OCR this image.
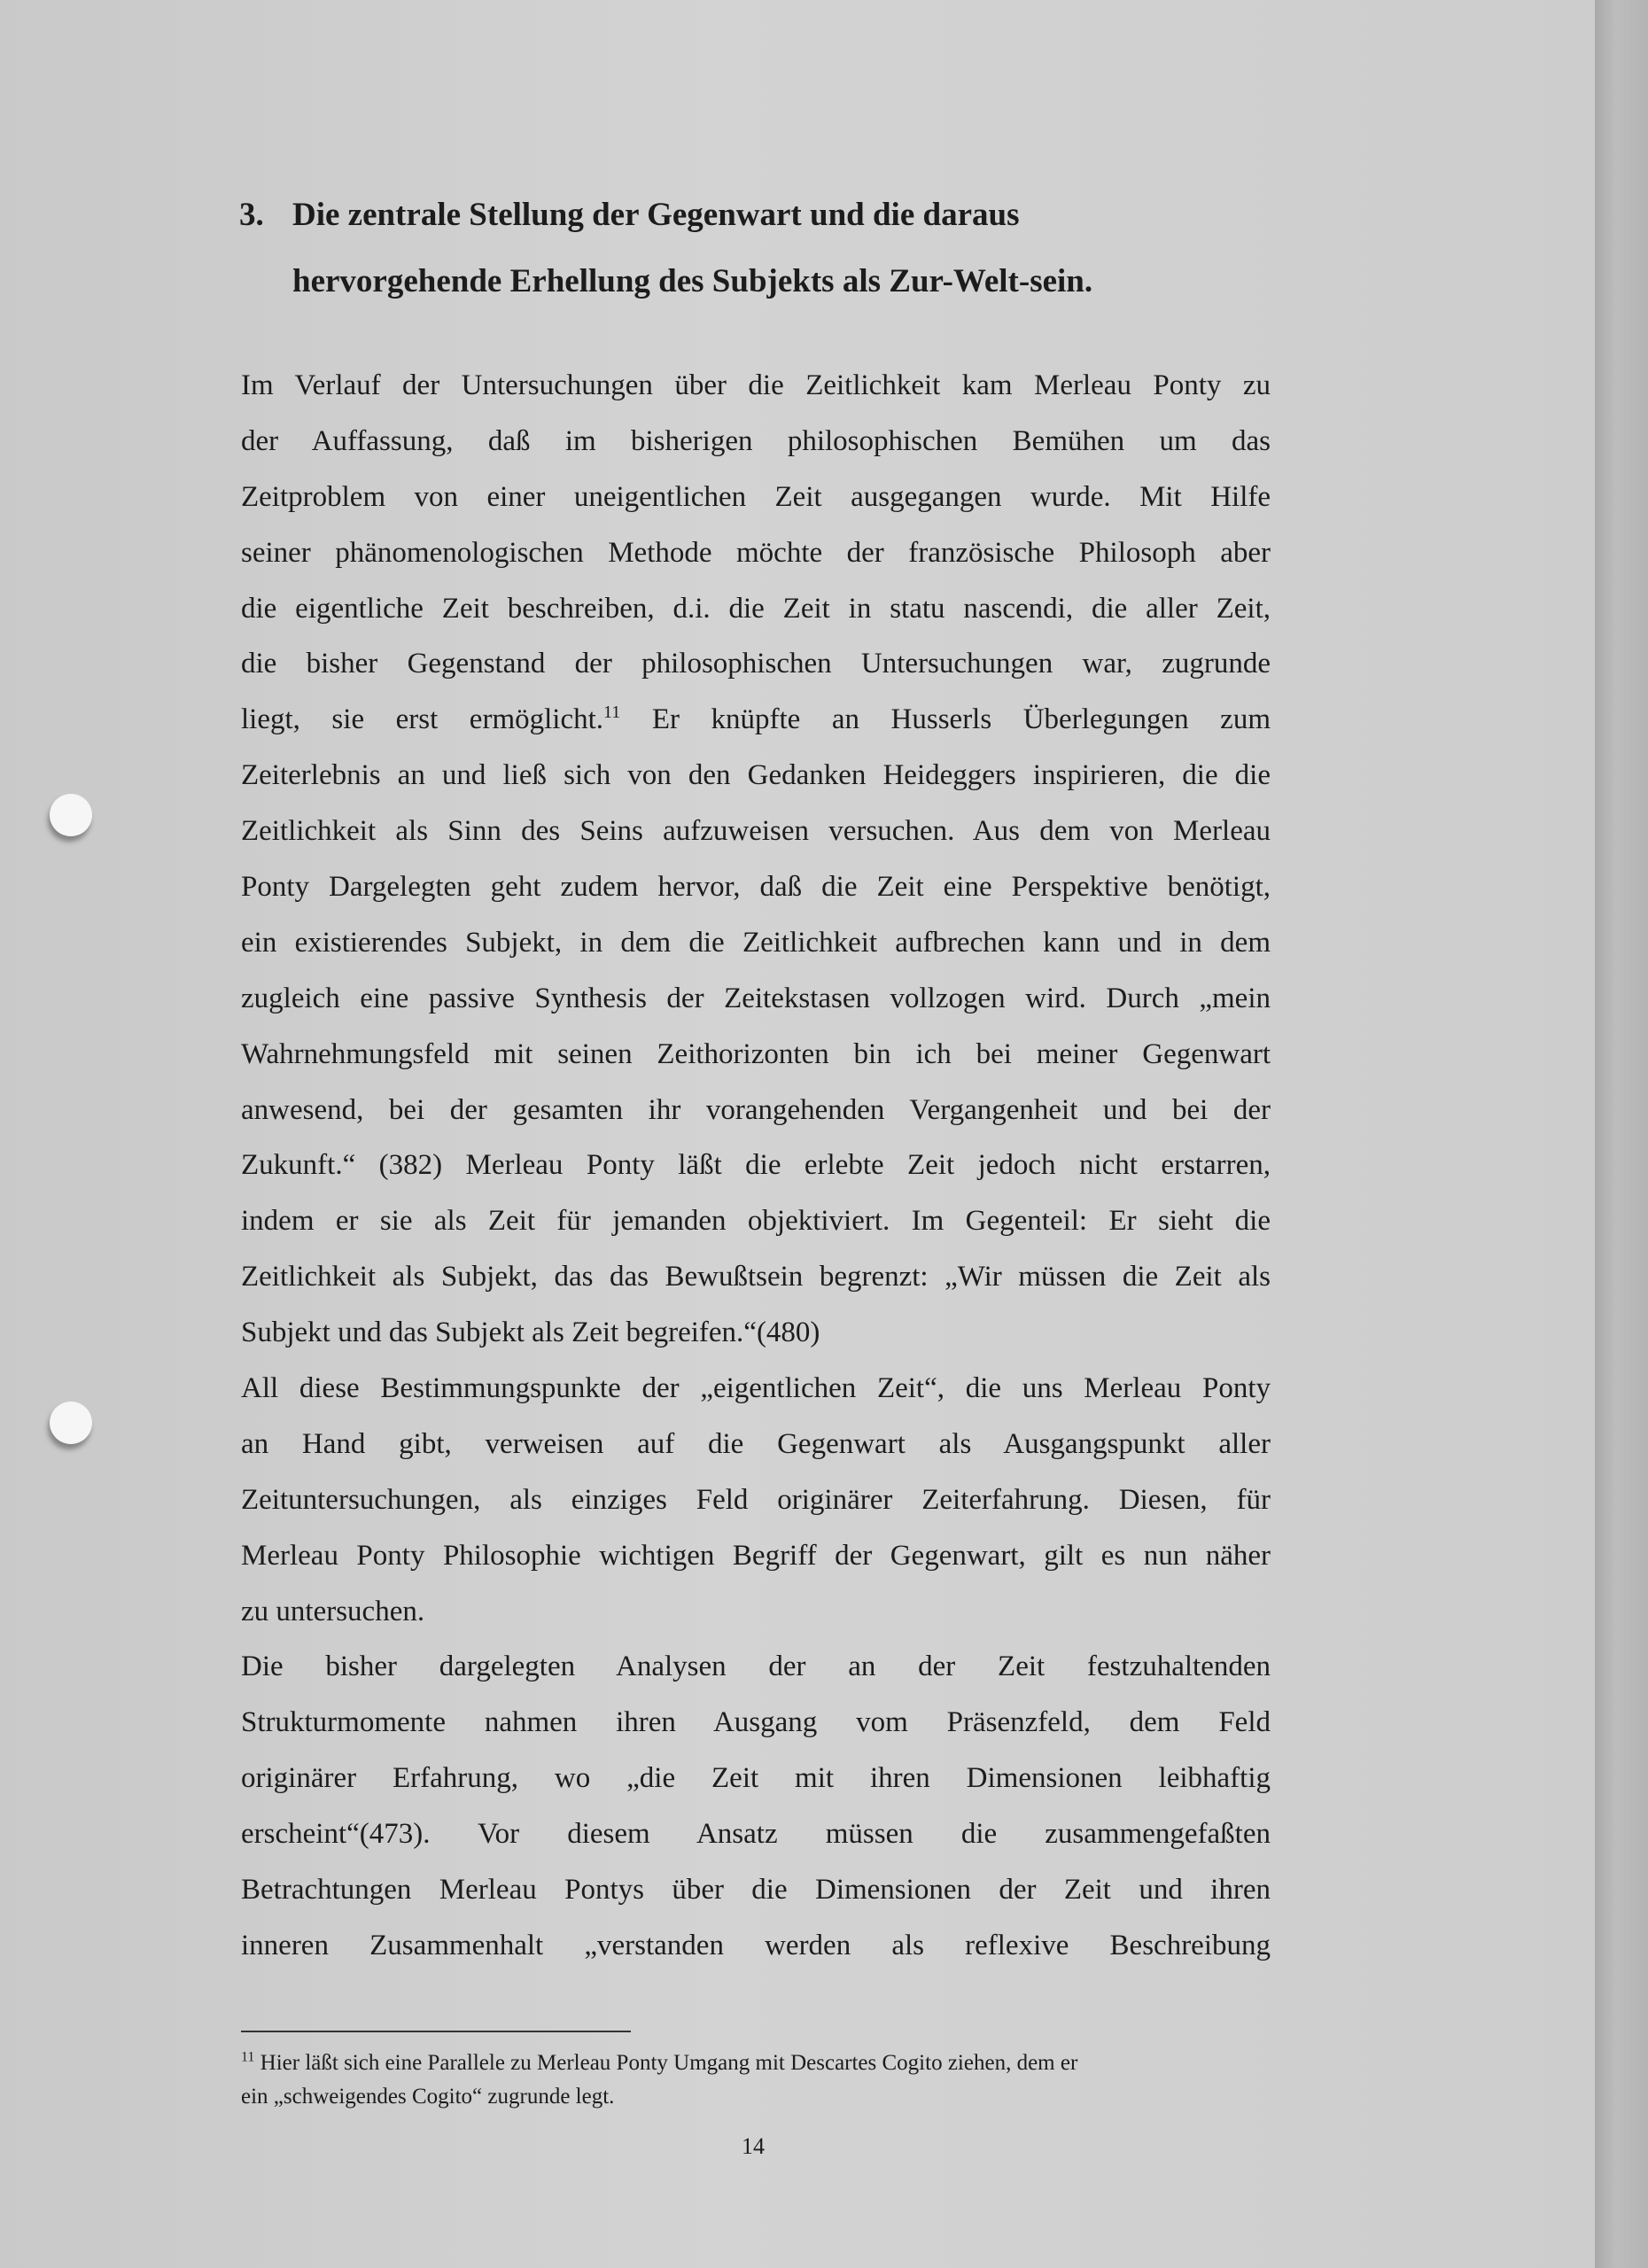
3. Die zentrale Stellung der Gegenwart und die daraus
hervorgehende Erhellung des Subjekts als Zur-Welt-sein.
Im Verlauf der Untersuchungen über die Zeitlichkeit kam Merleau Ponty zu
der Auffassung, daß im bisherigen philosophischen Bemühen um das
Zeitproblem von einer uneigentlichen Zeit ausgegangen wurde. Mit Hilfe
seiner phänomenologischen Methode möchte der französische Philosoph aber
die eigentliche Zeit beschreiben, d.i. die Zeit in statu nascendi, die aller Zeit,
die bisher Gegenstand der philosophischen Untersuchungen war, zugrunde
liegt, sie erst ermöglicht.$^{11}$ Er knüpfte an Husserls Überlegungen zum
Zeiterlebnis an und ließ sich von den Gedanken Heideggers inspirieren, die die
Zeitlichkeit als Sinn des Seins aufzuweisen versuchen. Aus dem von Merleau
Ponty Dargelegten geht zudem hervor, daß die Zeit eine Perspektive benötigt,
ein existierendes Subjekt, in dem die Zeitlichkeit aufbrechen kann und in dem
zugleich eine passive Synthesis der Zeitekstasen vollzogen wird. Durch „mein
Wahrnehmungsfeld mit seinen Zeithorizonten bin ich bei meiner Gegenwart
anwesend, bei der gesamten ihr vorangehenden Vergangenheit und bei der
Zukunft.“ (382) Merleau Ponty läßt die erlebte Zeit jedoch nicht erstarren,
indem er sie als Zeit für jemanden objektiviert. Im Gegenteil: Er sieht die
Zeitlichkeit als Subjekt, das das Bewußtsein begrenzt: „Wir müssen die Zeit als
Subjekt und das Subjekt als Zeit begreifen.“(480)
All diese Bestimmungspunkte der „eigentlichen Zeit“, die uns Merleau Ponty
an Hand gibt, verweisen auf die Gegenwart als Ausgangspunkt aller
Zeituntersuchungen, als einziges Feld originärer Zeiterfahrung. Diesen, für
Merleau Ponty Philosophie wichtigen Begriff der Gegenwart, gilt es nun näher
zu untersuchen.
Die bisher dargelegten Analysen der an der Zeit festzuhaltenden
Strukturmomente nahmen ihren Ausgang vom Präsenzfeld, dem Feld
originärer Erfahrung, wo „die Zeit mit ihren Dimensionen leibhaftig
erscheint“(473). Vor diesem Ansatz müssen die zusammengefaßten
Betrachtungen Merleau Pontys über die Dimensionen der Zeit und ihren
inneren Zusammenhalt „verstanden werden als reflexive Beschreibung
$^{11}$ Hier läßt sich eine Parallele zu Merleau Ponty Umgang mit Descartes Cogito ziehen, dem er
ein „schweigendes Cogito“ zugrunde legt.
14
